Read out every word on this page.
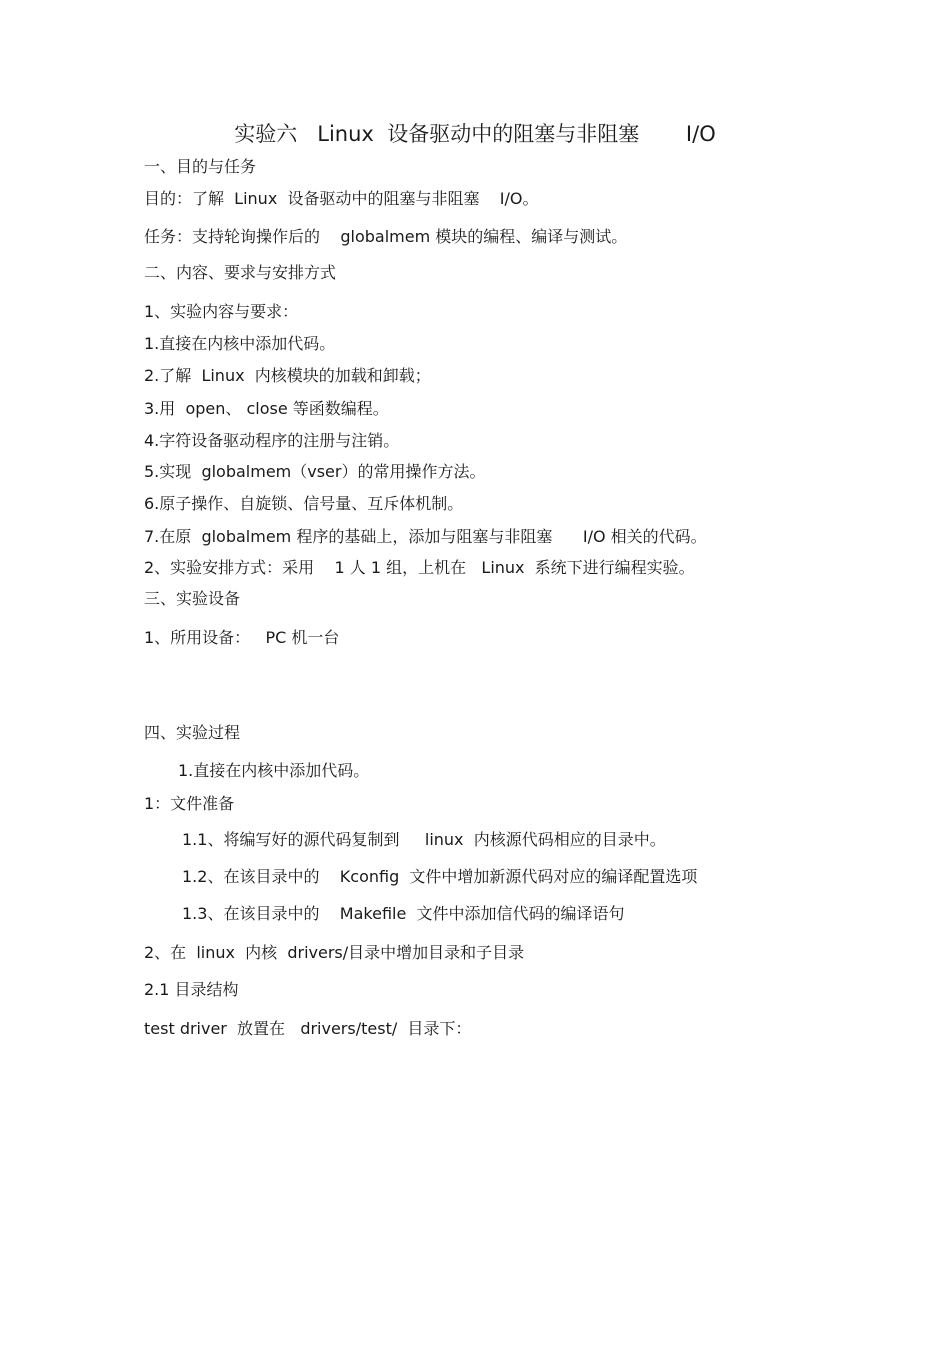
实验六   Linux  设备驱动中的阻塞与非阻塞       I/O
一、目的与任务
目的：了解  Linux  设备驱动中的阻塞与非阻塞    I/O。
任务：支持轮询操作后的    globalmem 模块的编程、编译与测试。
二、内容、要求与安排方式
1、实验内容与要求：
1.直接在内核中添加代码。
2.了解  Linux  内核模块的加载和卸载；
3.用  open、 close 等函数编程。
4.字符设备驱动程序的注册与注销。
5.实现  globalmem（vser）的常用操作方法。
6.原子操作、自旋锁、信号量、互斥体机制。
7.在原  globalmem 程序的基础上，添加与阻塞与非阻塞      I/O 相关的代码。
2、实验安排方式：采用    1 人 1 组，上机在   Linux  系统下进行编程实验。
三、实验设备
1、所用设备：   PC 机一台
四、实验过程
1.直接在内核中添加代码。
1：文件准备
1.1、将编写好的源代码复制到     linux  内核源代码相应的目录中。
1.2、在该目录中的    Kconfig  文件中增加新源代码对应的编译配置选项
1.3、在该目录中的    Makefile  文件中添加信代码的编译语句
2、在  linux  内核  drivers/目录中增加目录和子目录
2.1 目录结构
test driver  放置在   drivers/test/  目录下：
